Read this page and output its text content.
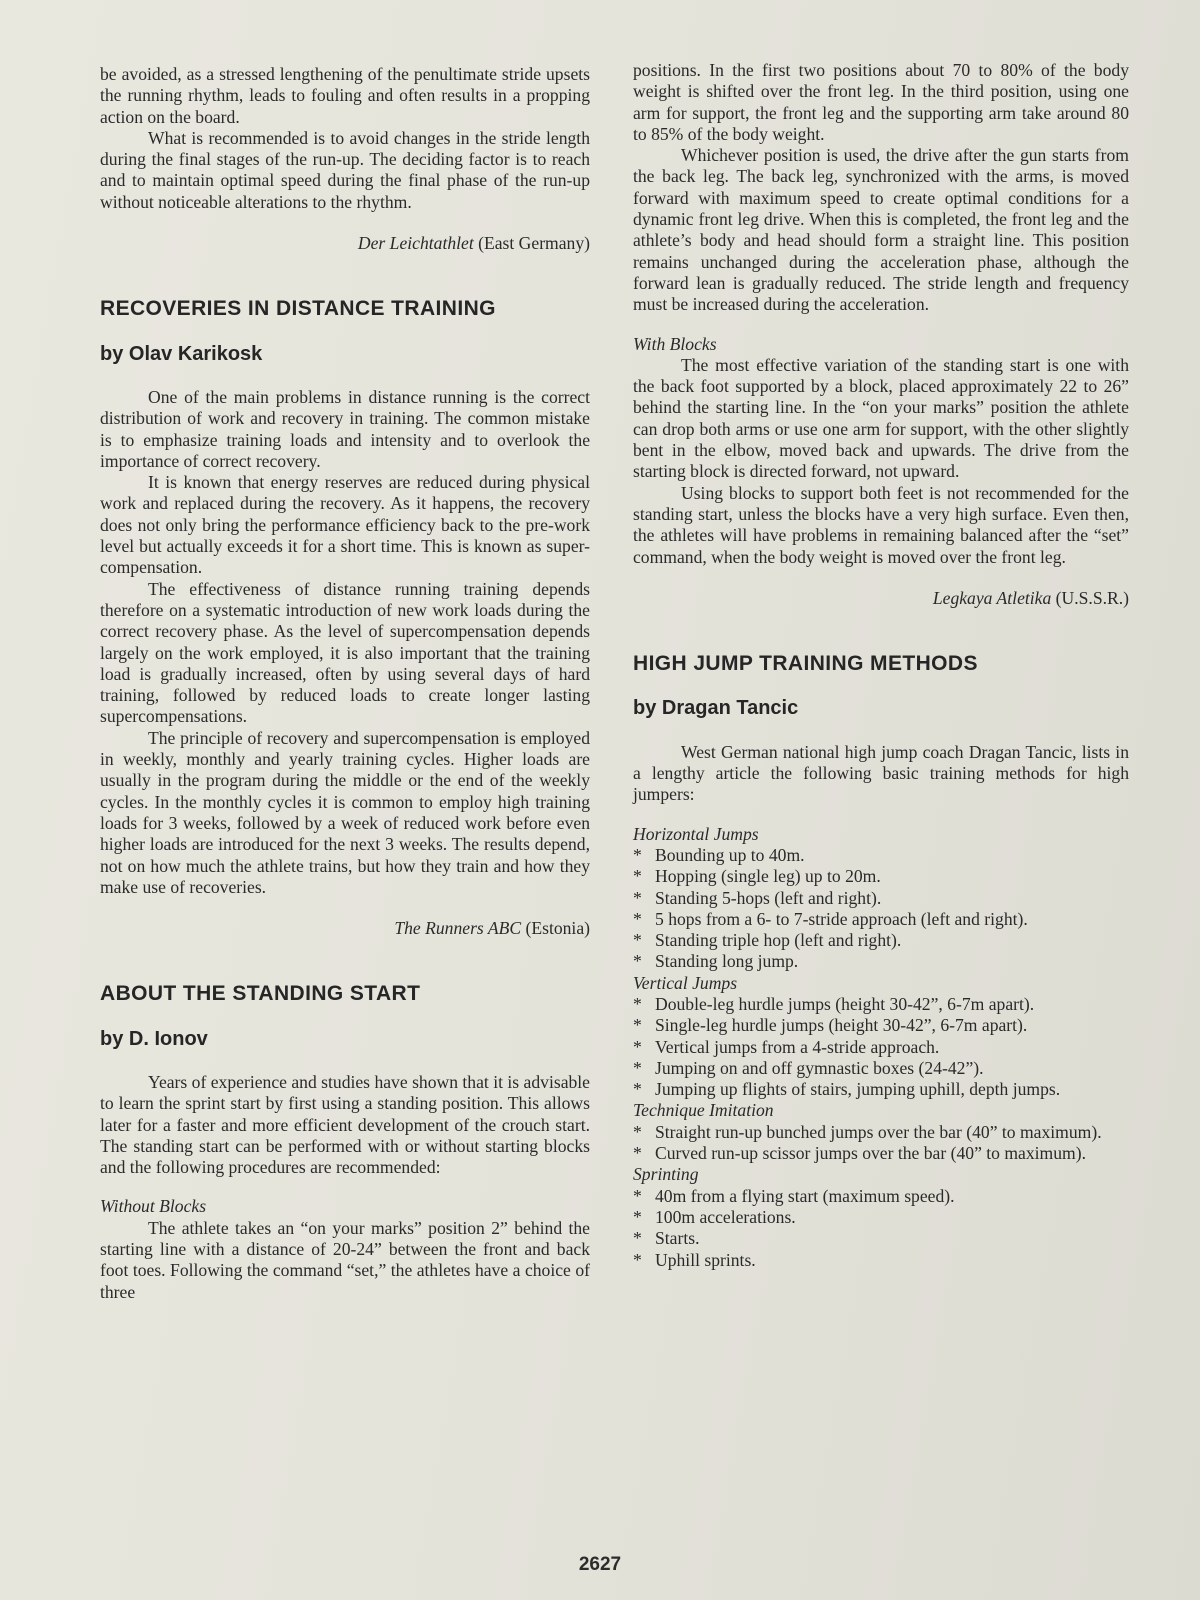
be avoided, as a stressed lengthening of the penultimate stride upsets the running rhythm, leads to fouling and often results in a propping action on the board.

What is recommended is to avoid changes in the stride length during the final stages of the run-up. The deciding factor is to reach and to maintain optimal speed during the final phase of the run-up without noticeable alterations to the rhythm.

Der Leichtathlet (East Germany)

RECOVERIES IN DISTANCE TRAINING
by Olav Karikosk

One of the main problems in distance running is the correct distribution of work and recovery in training. The common mistake is to emphasize training loads and intensity and to overlook the importance of correct recovery.

It is known that energy reserves are reduced during physical work and replaced during the recovery. As it happens, the recovery does not only bring the performance efficiency back to the pre-work level but actually exceeds it for a short time. This is known as super-compensation.

The effectiveness of distance running training depends therefore on a systematic introduction of new work loads during the correct recovery phase. As the level of supercompensation depends largely on the work employed, it is also important that the training load is gradually increased, often by using several days of hard training, followed by reduced loads to create longer lasting supercompensations.

The principle of recovery and supercompensation is employed in weekly, monthly and yearly training cycles. Higher loads are usually in the program during the middle or the end of the weekly cycles. In the monthly cycles it is common to employ high training loads for 3 weeks, followed by a week of reduced work before even higher loads are introduced for the next 3 weeks. The results depend, not on how much the athlete trains, but how they train and how they make use of recoveries.

The Runners ABC (Estonia)

ABOUT THE STANDING START
by D. Ionov

Years of experience and studies have shown that it is advisable to learn the sprint start by first using a standing position. This allows later for a faster and more efficient development of the crouch start. The standing start can be performed with or without starting blocks and the following procedures are recommended:

Without Blocks

The athlete takes an “on your marks” position 2” behind the starting line with a distance of 20-24” between the front and back foot toes. Following the command “set,” the athletes have a choice of three

positions. In the first two positions about 70 to 80% of the body weight is shifted over the front leg. In the third position, using one arm for support, the front leg and the supporting arm take around 80 to 85% of the body weight.

Whichever position is used, the drive after the gun starts from the back leg. The back leg, synchronized with the arms, is moved forward with maximum speed to create optimal conditions for a dynamic front leg drive. When this is completed, the front leg and the athlete’s body and head should form a straight line. This position remains unchanged during the acceleration phase, although the forward lean is gradually reduced. The stride length and frequency must be increased during the acceleration.

With Blocks

The most effective variation of the standing start is one with the back foot supported by a block, placed approximately 22 to 26” behind the starting line. In the “on your marks” position the athlete can drop both arms or use one arm for support, with the other slightly bent in the elbow, moved back and upwards. The drive from the starting block is directed forward, not upward.

Using blocks to support both feet is not recommended for the standing start, unless the blocks have a very high surface. Even then, the athletes will have problems in remaining balanced after the “set” command, when the body weight is moved over the front leg.

Legkaya Atletika (U.S.S.R.)

HIGH JUMP TRAINING METHODS
by Dragan Tancic

West German national high jump coach Dragan Tancic, lists in a lengthy article the following basic training methods for high jumpers:

Horizontal Jumps
* Bounding up to 40m.
* Hopping (single leg) up to 20m.
* Standing 5-hops (left and right).
* 5 hops from a 6- to 7-stride approach (left and right).
* Standing triple hop (left and right).
* Standing long jump.
Vertical Jumps
* Double-leg hurdle jumps (height 30-42”, 6-7m apart).
* Single-leg hurdle jumps (height 30-42”, 6-7m apart).
* Vertical jumps from a 4-stride approach.
* Jumping on and off gymnastic boxes (24-42”).
* Jumping up flights of stairs, jumping uphill, depth jumps.
Technique Imitation
* Straight run-up bunched jumps over the bar (40” to maximum).
* Curved run-up scissor jumps over the bar (40” to maximum).
Sprinting
* 40m from a flying start (maximum speed).
* 100m accelerations.
* Starts.
* Uphill sprints.
2627
